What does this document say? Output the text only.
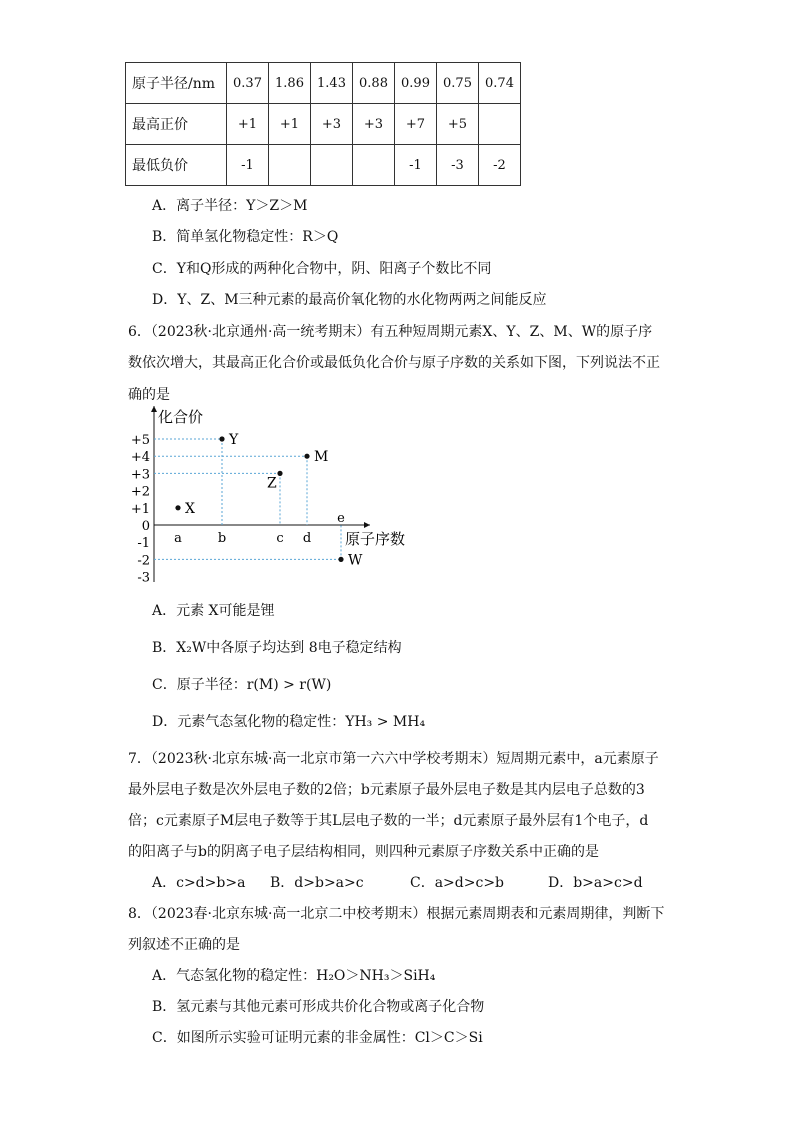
原子半径/nm	0.37	1.86	1.43	0.88	0.99	0.75	0.74
最高正价	+1	+1	+3	+3	+7	+5	
最低负价	-1				-1	-3	-2
A．离子半径：Y＞Z＞M
B．简单氢化物稳定性：R＞Q
C．Y和Q形成的两种化合物中，阴、阳离子个数比不同
D．Y、Z、M三种元素的最高价氧化物的水化物两两之间能反应
6．（2023秋·北京通州·高一统考期末）有五种短周期元素X、Y、Z、M、W的原子序
数依次增大，其最高正化合价或最低负化合价与原子序数的关系如下图，下列说法不正
确的是
化合价
原子序数
+5
+4
+3
+2
+1
0
-1
-2
-3
a	b	c d
e
X
Y
Z
M
W
A．元素 X可能是锂
B．X₂W中各原子均达到 8电子稳定结构
C．原子半径：r(M) > r(W)
D．元素气态氢化物的稳定性：YH₃ > MH₄
7．（2023秋·北京东城·高一北京市第一六六中学校考期末）短周期元素中，a元素原子
最外层电子数是次外层电子数的2倍；b元素原子最外层电子数是其内层电子总数的3
倍；c元素原子M层电子数等于其L层电子数的一半；d元素原子最外层有1个电子，d
的阳离子与b的阴离子电子层结构相同，则四种元素原子序数关系中正确的是
A．c>d>b>a B．d>b>a>c	C．a>d>c>b	D．b>a>c>d
8．（2023春·北京东城·高一北京二中校考期末）根据元素周期表和元素周期律，判断下
列叙述不正确的是
A．气态氢化物的稳定性：H₂O＞NH₃＞SiH₄
B．氢元素与其他元素可形成共价化合物或离子化合物
C．如图所示实验可证明元素的非金属性：Cl＞C＞Si
